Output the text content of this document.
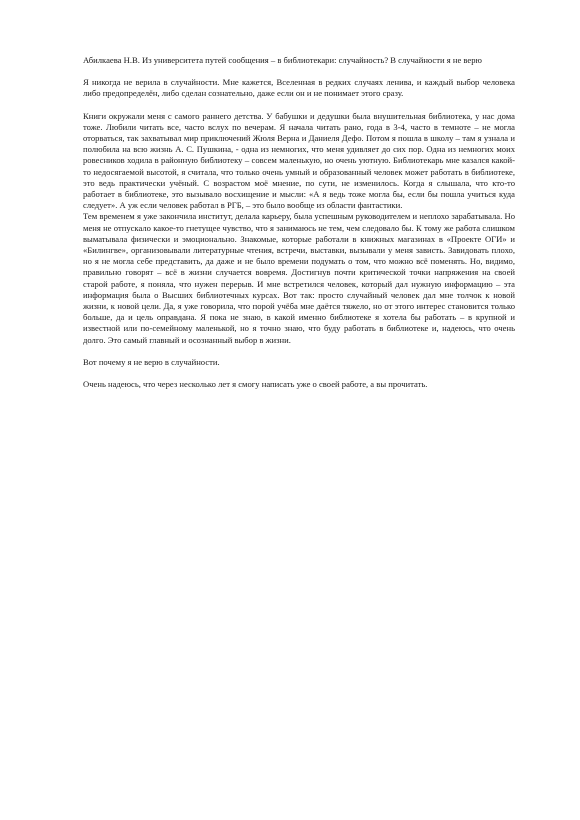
Абилкаева Н.В. Из университета путей сообщения – в библиотекари: случайность? В случайности я не верю

Я никогда не верила в случайности. Мне кажется, Вселенная в редких случаях ленива, и каждый выбор человека либо предопределён, либо сделан сознательно, даже если он и не понимает этого сразу.

Книги окружали меня с самого раннего детства. У бабушки и дедушки была внушительная библиотека, у нас дома тоже. Любили читать все, часто вслух по вечерам. Я начала читать рано, года в 3-4, часто в темноте – не могла оторваться, так захватывал мир приключений Жюля Верна и Даниеля Дефо. Потом я пошла в школу – там я узнала и полюбила на всю жизнь А. С. Пушкина, - одна из немногих, что меня удивляет до сих пор. Одна из немногих моих ровесников ходила в районную библиотеку – совсем маленькую, но очень уютную. Библиотекарь мне казался какой-то недосягаемой высотой, я считала, что только очень умный и образованный человек может работать в библиотеке, это ведь практически учёный. С возрастом моё мнение, по сути, не изменилось. Когда я слышала, что кто-то работает в библиотеке, это вызывало восхищение и мысли: «А я ведь тоже могла бы, если бы пошла учиться куда следует». А уж если человек работал в РГБ, – это было вообще из области фантастики.

Тем временем я уже закончила институт, делала карьеру, была успешным руководителем и неплохо зарабатывала. Но меня не отпускало какое-то гнетущее чувство, что я занимаюсь не тем, чем следовало бы. К тому же работа слишком выматывала физически и эмоционально. Знакомые, которые работали в книжных магазинах в «Проекте ОГИ» и «Билингве», организовывали литературные чтения, встречи, выставки, вызывали у меня зависть. Завидовать плохо, но я не могла себе представить, да даже и не было времени подумать о том, что можно всё поменять. Но, видимо, правильно говорят – всё в жизни случается вовремя. Достигнув почти критической точки напряжения на своей старой работе, я поняла, что нужен перерыв. И мне встретился человек, который дал нужную информацию – эта информация была о Высших библиотечных курсах. Вот так: просто случайный человек дал мне толчок к новой жизни, к новой цели. Да, я уже говорила, что порой учёба мне даётся тяжело, но от этого интерес становится только больше, да и цель оправдана. Я пока не знаю, в какой именно библиотеке я хотела бы работать – в крупной и известной или по-семейному маленькой, но я точно знаю, что буду работать в библиотеке и, надеюсь, что очень долго. Это самый главный и осознанный выбор в жизни.

Вот почему я не верю в случайности.

Очень надеюсь, что через несколько лет я смогу написать уже о своей работе, а вы прочитать.
